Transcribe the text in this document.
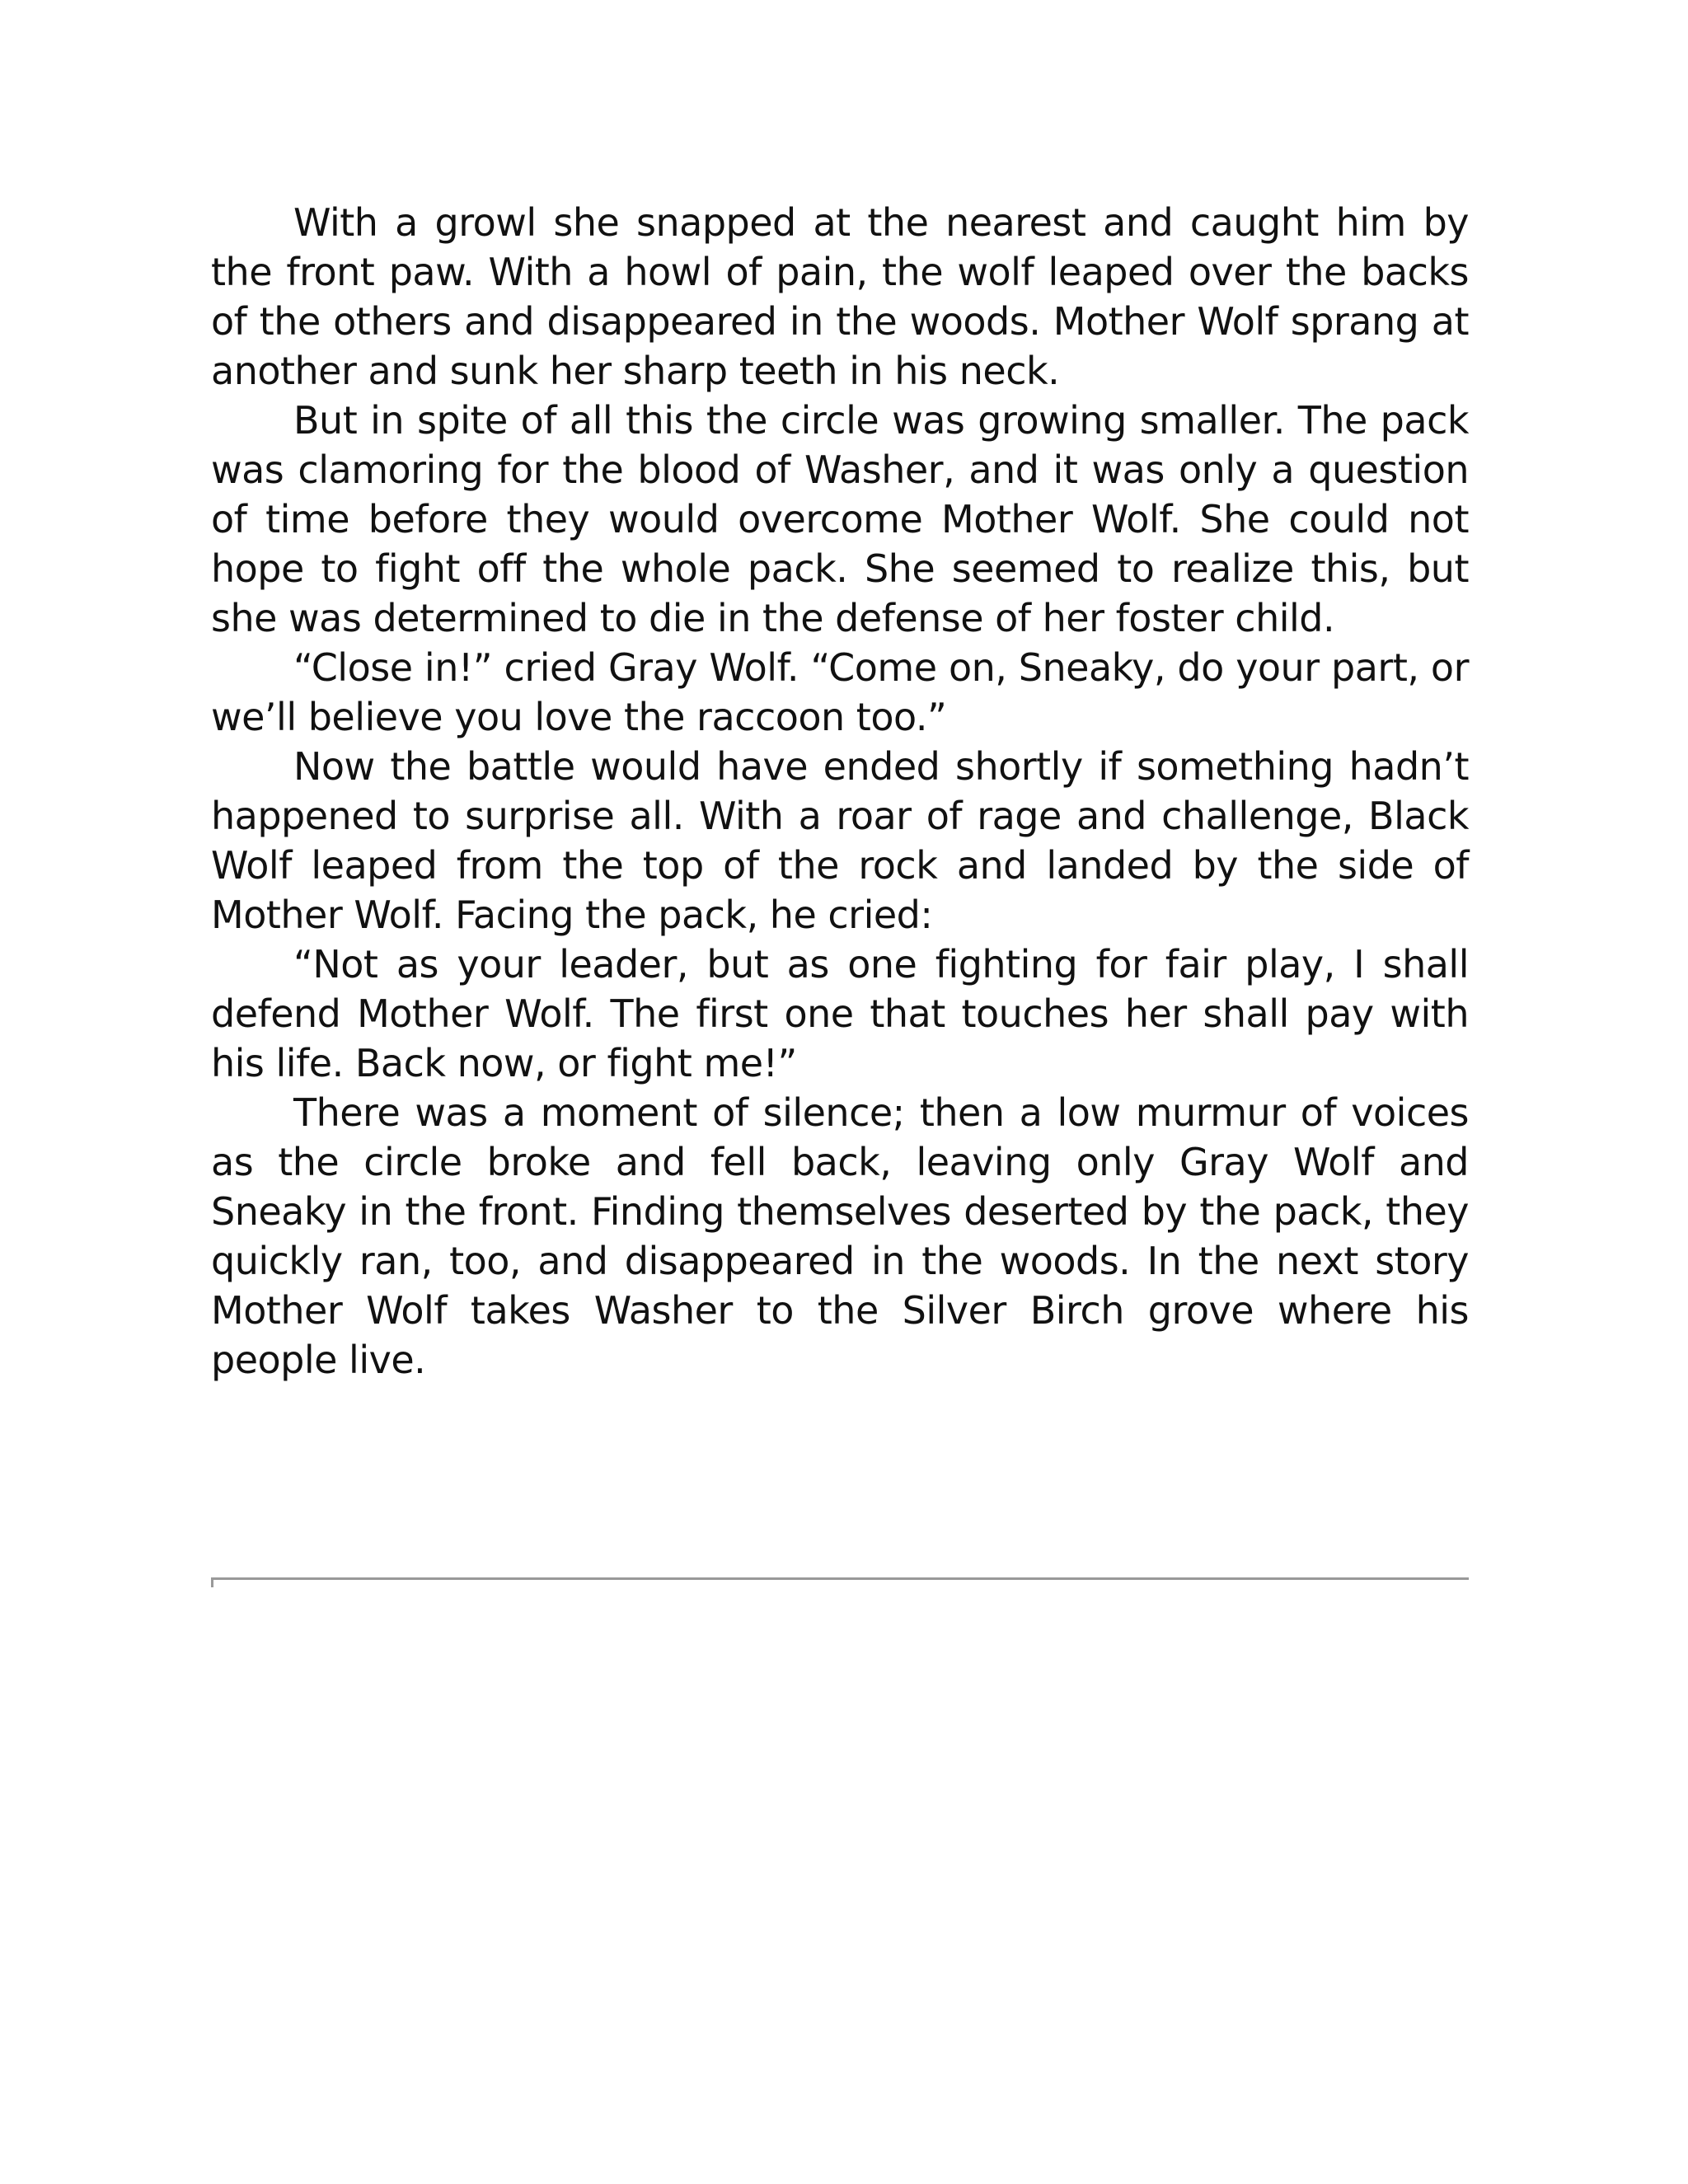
With a growl she snapped at the nearest and caught him by the front paw. With a howl of pain, the wolf leaped over the backs of the others and disappeared in the woods. Mother Wolf sprang at another and sunk her sharp teeth in his neck.

But in spite of all this the circle was growing smaller. The pack was clamoring for the blood of Washer, and it was only a question of time before they would overcome Mother Wolf. She could not hope to fight off the whole pack. She seemed to realize this, but she was determined to die in the defense of her foster child.

“Close in!” cried Gray Wolf. “Come on, Sneaky, do your part, or we’ll believe you love the raccoon too.”

Now the battle would have ended shortly if something hadn’t happened to surprise all. With a roar of rage and challenge, Black Wolf leaped from the top of the rock and landed by the side of Mother Wolf. Facing the pack, he cried:

“Not as your leader, but as one fighting for fair play, I shall defend Mother Wolf. The first one that touches her shall pay with his life. Back now, or fight me!”

There was a moment of silence; then a low murmur of voices as the circle broke and fell back, leaving only Gray Wolf and Sneaky in the front. Finding themselves deserted by the pack, they quickly ran, too, and disappeared in the woods. In the next story Mother Wolf takes Washer to the Silver Birch grove where his people live.
